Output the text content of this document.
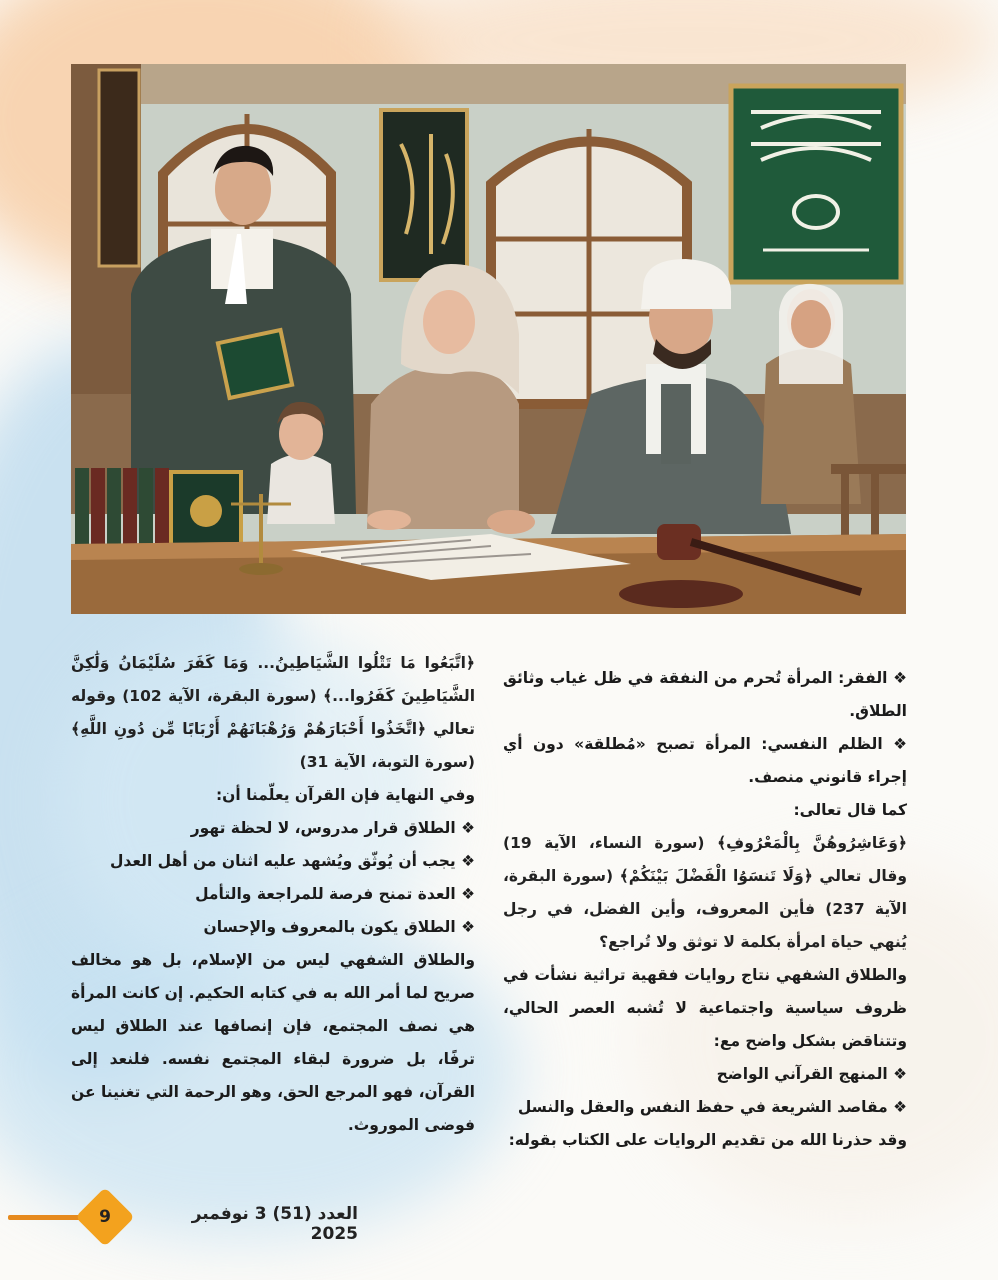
❖ الفقر: المرأة تُحرم من النفقة في ظل غياب وثائق الطلاق.

❖ الظلم النفسي: المرأة تصبح «مُطلقة» دون أي إجراء قانوني منصف.

كما قال تعالى:

﴿وَعَاشِرُوهُنَّ بِالْمَعْرُوفِ﴾ (سورة النساء، الآية 19) وقال تعالي ﴿وَلَا تَنسَوُا الْفَضْلَ بَيْنَكُمْ﴾ (سورة البقرة، الآية 237) فأين المعروف، وأين الفضل، في رجل يُنهي حياة امرأة بكلمة لا توثق ولا تُراجع؟

والطلاق الشفهي نتاج روايات فقهية تراثية نشأت في ظروف سياسية واجتماعية لا تُشبه العصر الحالي، وتتناقض بشكل واضح مع:

❖ المنهج القرآني الواضح

❖ مقاصد الشريعة في حفظ النفس والعقل والنسل

وقد حذرنا الله من تقديم الروايات على الكتاب بقوله:

﴿اتَّبَعُوا مَا تَتْلُوا الشَّيَاطِينُ... وَمَا كَفَرَ سُلَيْمَانُ وَلَٰكِنَّ الشَّيَاطِينَ كَفَرُوا...﴾ (سورة البقرة، الآية 102) وقوله تعالي ﴿اتَّخَذُوا أَحْبَارَهُمْ وَرُهْبَانَهُمْ أَرْبَابًا مِّن دُونِ اللَّهِ﴾ (سورة التوبة، الآية 31)

وفي النهاية فإن القرآن يعلّمنا أن:

❖ الطلاق قرار مدروس، لا لحظة تهور

❖ يجب أن يُوثّق ويُشهد عليه اثنان من أهل العدل

❖ العدة تمنح فرصة للمراجعة والتأمل

❖ الطلاق يكون بالمعروف والإحسان

والطلاق الشفهي ليس من الإسلام، بل هو مخالف صريح لما أمر الله به في كتابه الحكيم. إن كانت المرأة هي نصف المجتمع، فإن إنصافها عند الطلاق ليس ترفًا، بل ضرورة لبقاء المجتمع نفسه. فلنعد إلى القرآن، فهو المرجع الحق، وهو الرحمة التي تغنينا عن فوضى الموروث.

9	العدد (51) 3 نوفمبر 2025
